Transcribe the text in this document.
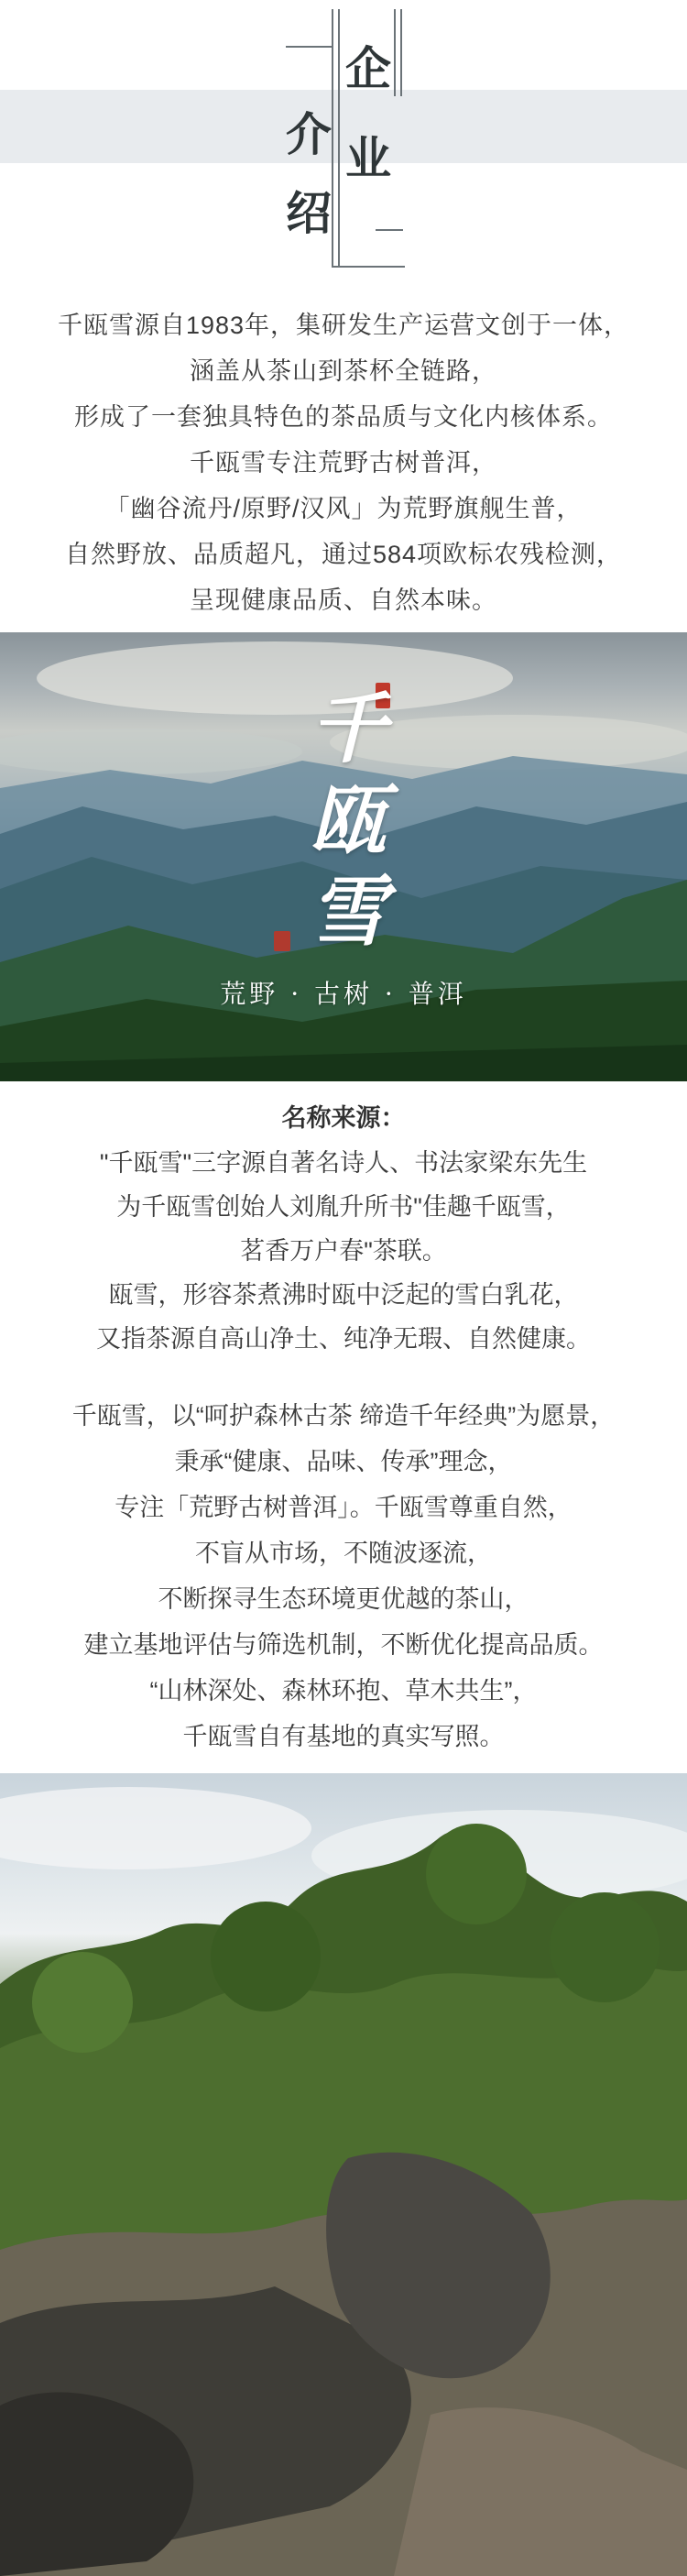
企
业
介
绍

千瓯雪源自1983年，集研发生产运营文创于一体，

涵盖从茶山到茶杯全链路，

形成了一套独具特色的茶品质与文化内核体系。

千瓯雪专注荒野古树普洱，

「幽谷流丹/原野/汉风」为荒野旗舰生普，

自然野放、品质超凡，通过584项欧标农残检测，

呈现健康品质、自然本味。

千
瓯
雪
荒野 · 古树 · 普洱
名称来源：

"千瓯雪"三字源自著名诗人、书法家梁东先生

为千瓯雪创始人刘胤升所书"佳趣千瓯雪，

茗香万户春"茶联。

瓯雪，形容茶煮沸时瓯中泛起的雪白乳花，

又指茶源自高山净土、纯净无瑕、自然健康。

千瓯雪，以“呵护森林古茶 缔造千年经典”为愿景，

秉承“健康、品味、传承”理念，

专注「荒野古树普洱」。千瓯雪尊重自然，

不盲从市场，不随波逐流，

不断探寻生态环境更优越的茶山，

建立基地评估与筛选机制，不断优化提高品质。

“山林深处、森林环抱、草木共生”，

千瓯雪自有基地的真实写照。
